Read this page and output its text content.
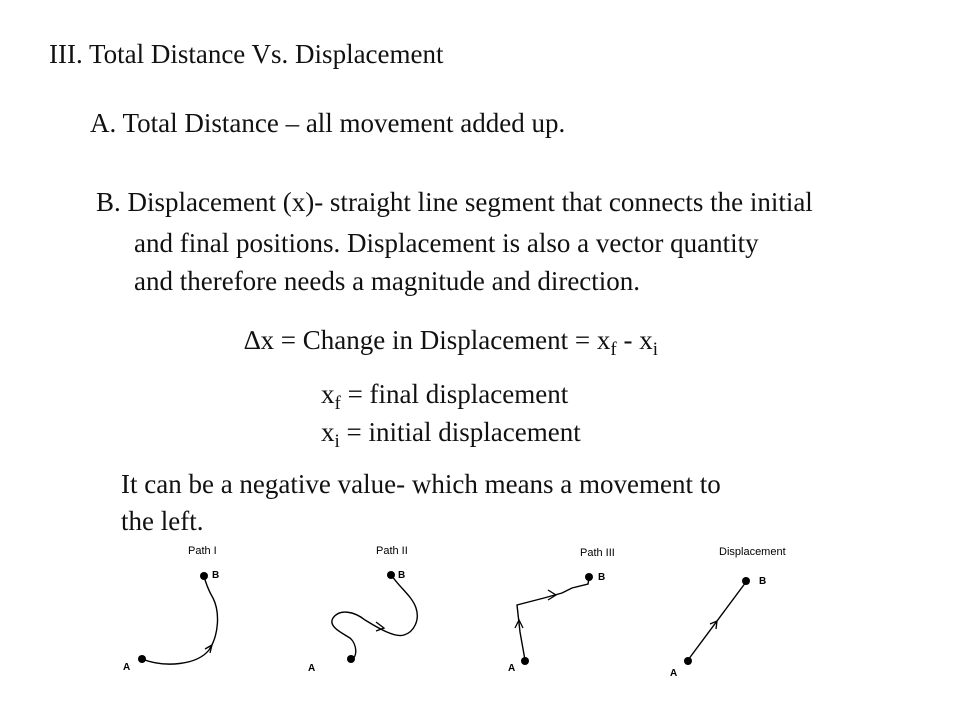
III. Total Distance Vs. Displacement
A. Total Distance – all movement added up.
B. Displacement (x)- straight line segment that connects the initial
and final positions. Displacement is also a vector quantity
and therefore needs a magnitude and direction.
∆x = Change in Displacement = $x_f - x_i$
$x_f$ = final displacement
$x_i$ = initial displacement
It can be a negative value- which means a movement to
the left.
Path I
A
B
Path II
A
B
Path III
A
B
Displacement
A
B
